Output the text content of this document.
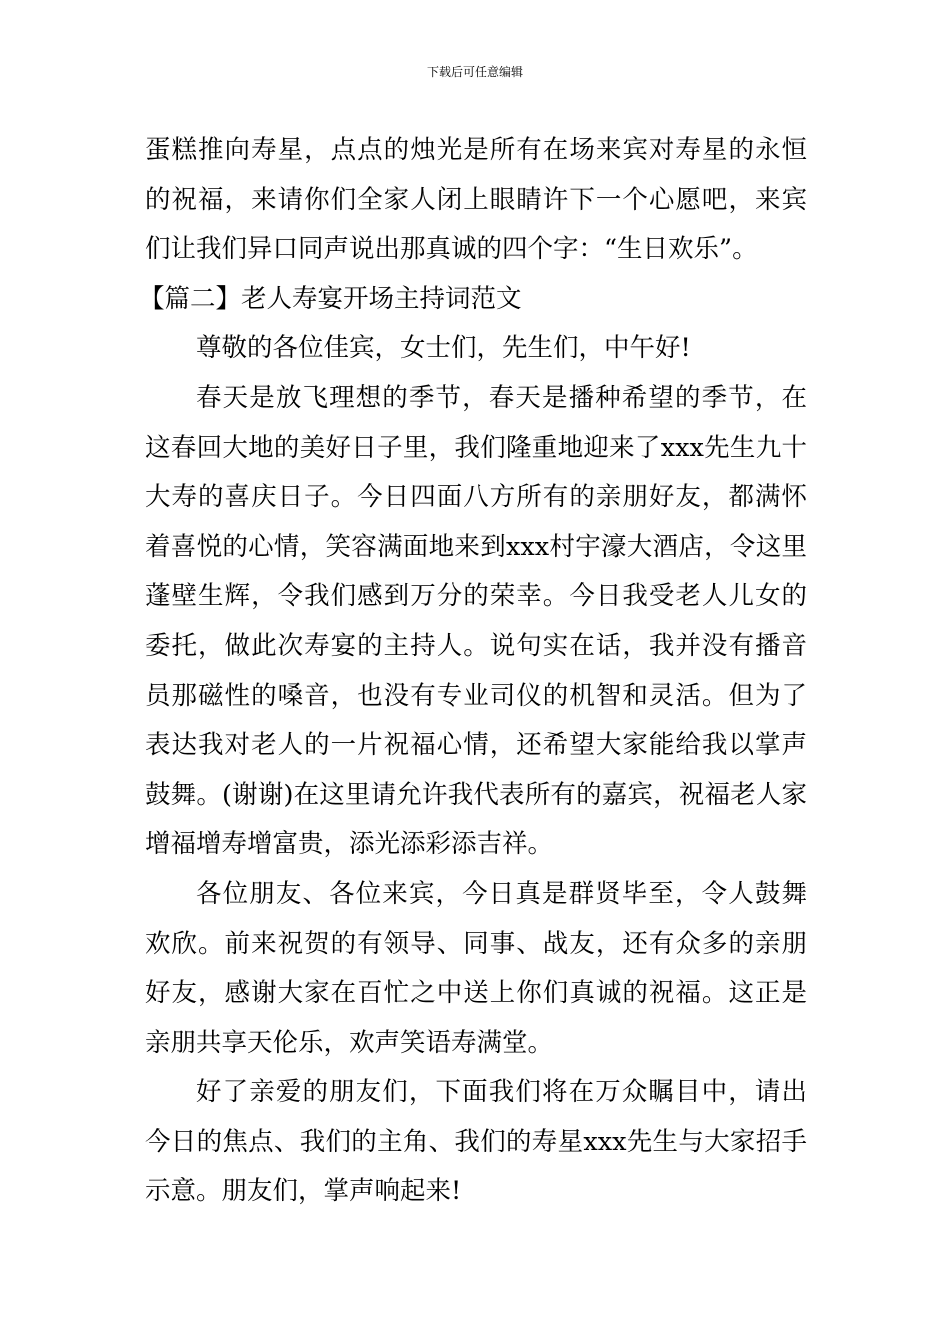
下载后可任意编辑

蛋糕推向寿星，点点的烛光是所有在场来宾对寿星的永恒的祝福，来请你们全家人闭上眼睛许下一个心愿吧，来宾们让我们异口同声说出那真诚的四个字：“生日欢乐”。

【篇二】老人寿宴开场主持词范文

尊敬的各位佳宾，女士们，先生们，中午好!

春天是放飞理想的季节，春天是播种希望的季节，在这春回大地的美好日子里，我们隆重地迎来了xxx先生九十大寿的喜庆日子。今日四面八方所有的亲朋好友，都满怀着喜悦的心情，笑容满面地来到xxx村宇濠大酒店，令这里蓬壁生辉，令我们感到万分的荣幸。今日我受老人儿女的委托，做此次寿宴的主持人。说句实在话，我并没有播音员那磁性的嗓音，也没有专业司仪的机智和灵活。但为了表达我对老人的一片祝福心情，还希望大家能给我以掌声鼓舞。(谢谢)在这里请允许我代表所有的嘉宾，祝福老人家增福增寿增富贵，添光添彩添吉祥。

各位朋友、各位来宾，今日真是群贤毕至，令人鼓舞欢欣。前来祝贺的有领导、同事、战友，还有众多的亲朋好友，感谢大家在百忙之中送上你们真诚的祝福。这正是亲朋共享天伦乐，欢声笑语寿满堂。

好了亲爱的朋友们，下面我们将在万众瞩目中，请出今日的焦点、我们的主角、我们的寿星xxx先生与大家招手示意。朋友们，掌声响起来!
